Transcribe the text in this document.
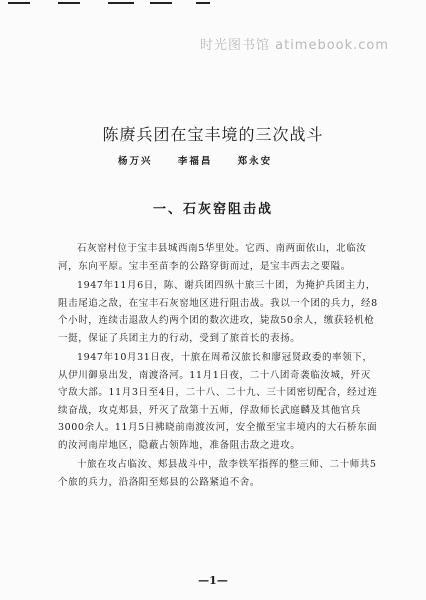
时光图书馆 atimebook.com
陈赓兵团在宝丰境的三次战斗
杨万兴	李福昌	郑永安
一、石灰窑阻击战

石灰窑村位于宝丰县城西南5华里处。它西、南两面依山，北临汝河，东向平原。宝丰至苗李的公路穿街而过，是宝丰西去之要隘。

1947年11月6日，陈、谢兵团四纵十旅三十团，为掩护兵团主力，阻击尾追之敌，在宝丰石灰窑地区进行阻击战。我以一个团的兵力，经8个小时，连续击退敌人约两个团的数次进攻，毙敌50余人，缴获轻机枪一挺，保证了兵团主力的行动，受到了旅首长的表扬。

1947年10月31日夜，十旅在周希汉旅长和廖冠贤政委的率领下，从伊川御泉出发，南渡洛河。11月1日夜，二十八团奇袭临汝城，歼灭守敌大部。11月3日至4日，二十八、二十九、三十团密切配合，经过连续奋战，攻克郏县，歼灭了敌第十五师，俘敌师长武庭麟及其他官兵3000余人。11月5日拂晓前南渡汝河，安全撤至宝丰境内的大石桥东面的汝河南岸地区，隐蔽占领阵地，准备阻击敌之进攻。

十旅在攻占临汝、郏县战斗中，敌李铁军指挥的整三师、二十师共5个旅的兵力，沿洛阳至郏县的公路紧追不舍。

—1—
